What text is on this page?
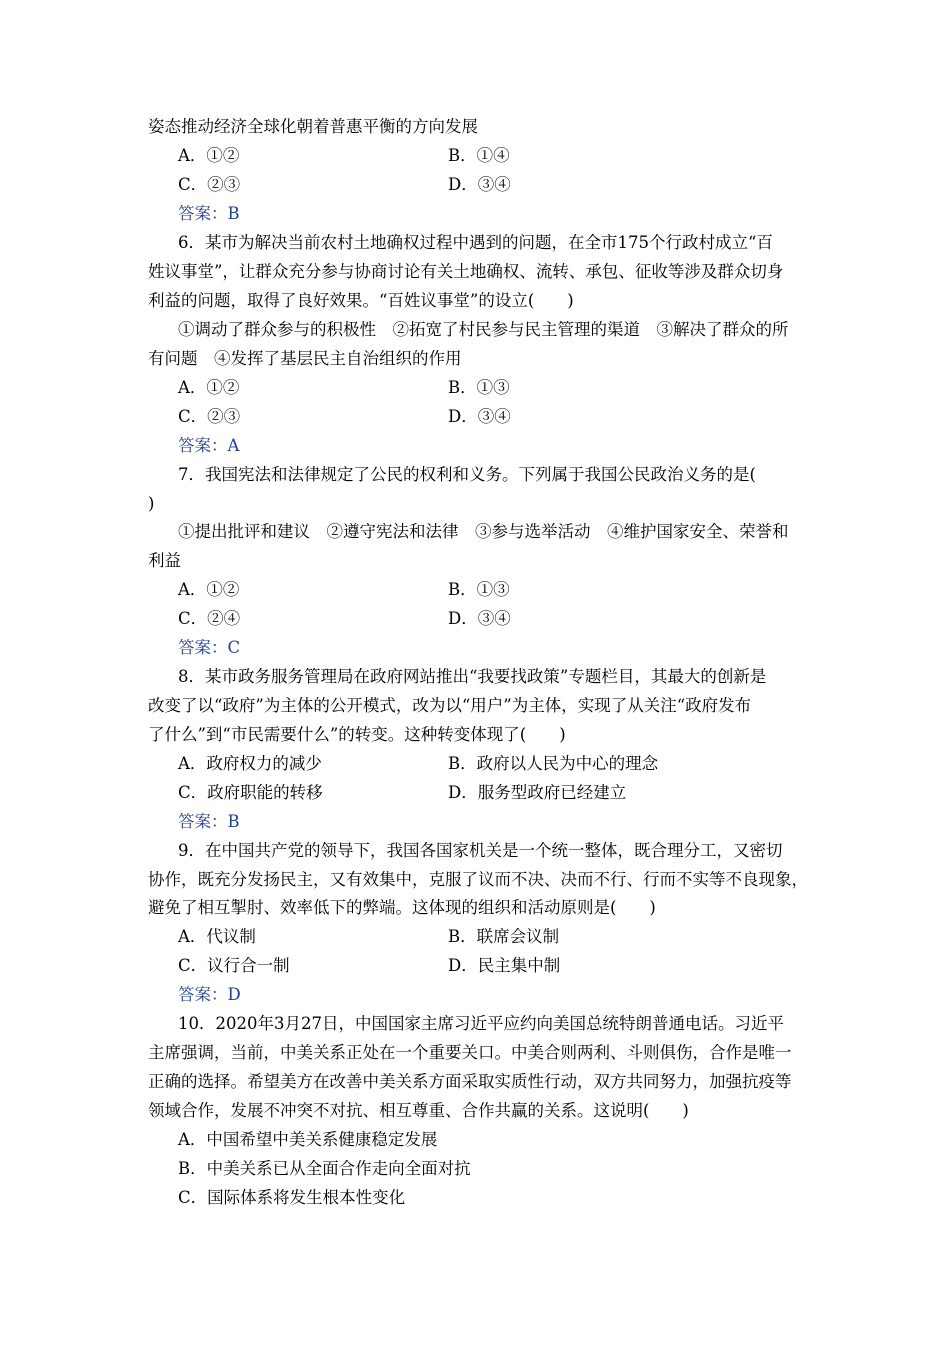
姿态推动经济全球化朝着普惠平衡的方向发展
A．①②	B．①④
C．②③	D．③④
答案：B
6．某市为解决当前农村土地确权过程中遇到的问题，在全市175个行政村成立“百
姓议事堂”，让群众充分参与协商讨论有关土地确权、流转、承包、征收等涉及群众切身
利益的问题，取得了良好效果。“百姓议事堂”的设立(　　)
①调动了群众参与的积极性　②拓宽了村民参与民主管理的渠道　③解决了群众的所
有问题　④发挥了基层民主自治组织的作用
A．①②	B．①③
C．②③	D．③④
答案：A
7．我国宪法和法律规定了公民的权利和义务。下列属于我国公民政治义务的是(
)
①提出批评和建议　②遵守宪法和法律　③参与选举活动　④维护国家安全、荣誉和
利益
A．①②	B．①③
C．②④	D．③④
答案：C
8．某市政务服务管理局在政府网站推出“我要找政策”专题栏目，其最大的创新是
改变了以“政府”为主体的公开模式，改为以“用户”为主体，实现了从关注“政府发布
了什么”到“市民需要什么”的转变。这种转变体现了(　　)
A．政府权力的减少	B．政府以人民为中心的理念
C．政府职能的转移	D．服务型政府已经建立
答案：B
9．在中国共产党的领导下，我国各国家机关是一个统一整体，既合理分工，又密切
协作，既充分发扬民主，又有效集中，克服了议而不决、决而不行、行而不实等不良现象，
避免了相互掣肘、效率低下的弊端。这体现的组织和活动原则是(　　)
A．代议制	B．联席会议制
C．议行合一制	D．民主集中制
答案：D
10．2020年3月27日，中国国家主席习近平应约向美国总统特朗普通电话。习近平
主席强调，当前，中美关系正处在一个重要关口。中美合则两利、斗则俱伤，合作是唯一
正确的选择。希望美方在改善中美关系方面采取实质性行动，双方共同努力，加强抗疫等
领域合作，发展不冲突不对抗、相互尊重、合作共赢的关系。这说明(　　)
A．中国希望中美关系健康稳定发展
B．中美关系已从全面合作走向全面对抗
C．国际体系将发生根本性变化
